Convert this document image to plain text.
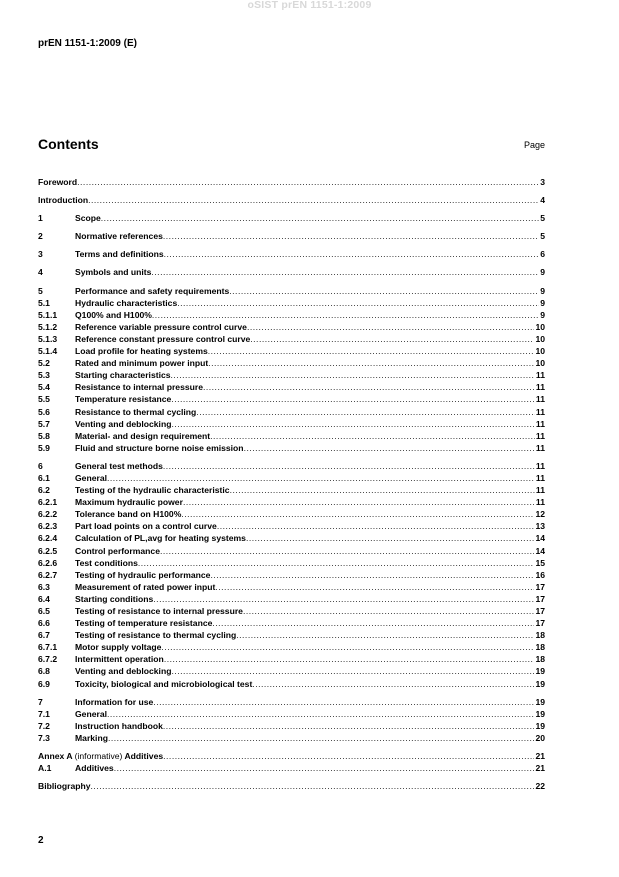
oSIST prEN 1151-1:2009
prEN 1151-1:2009 (E)
Contents	Page
Foreword .....	3
Introduction .....	4
1	Scope .....	5
2	Normative references .....	5
3	Terms and definitions .....	6
4	Symbols and units .....	9
5	Performance and safety requirements .....	9
5.1	Hydraulic characteristics .....	9
5.1.1	Q100% and H100% .....	9
5.1.2	Reference variable pressure control curve .....	10
5.1.3	Reference constant pressure control curve .....	10
5.1.4	Load profile for heating systems .....	10
5.2	Rated and minimum power input .....	10
5.3	Starting characteristics .....	11
5.4	Resistance to internal pressure .....	11
5.5	Temperature resistance .....	11
5.6	Resistance to thermal cycling .....	11
5.7	Venting and deblocking .....	11
5.8	Material- and design requirement .....	11
5.9	Fluid and structure borne noise emission .....	11
6	General test methods .....	11
6.1	General .....	11
6.2	Testing of the hydraulic characteristic .....	11
6.2.1	Maximum hydraulic power .....	11
6.2.2	Tolerance band on H100% .....	12
6.2.3	Part load points on a control curve .....	13
6.2.4	Calculation of PL,avg for heating systems .....	14
6.2.5	Control performance .....	14
6.2.6	Test conditions .....	15
6.2.7	Testing of hydraulic performance .....	16
6.3	Measurement of rated power input .....	17
6.4	Starting conditions .....	17
6.5	Testing of resistance to internal pressure .....	17
6.6	Testing of temperature resistance .....	17
6.7	Testing of resistance to thermal cycling .....	18
6.7.1	Motor supply voltage .....	18
6.7.2	Intermittent operation .....	18
6.8	Venting and deblocking .....	19
6.9	Toxicity, biological and microbiological test .....	19
7	Information for use .....	19
7.1	General .....	19
7.2	Instruction handbook .....	19
7.3	Marking .....	20
Annex A (informative) Additives .....	21
A.1	Additives .....	21
Bibliography .....	22
2
